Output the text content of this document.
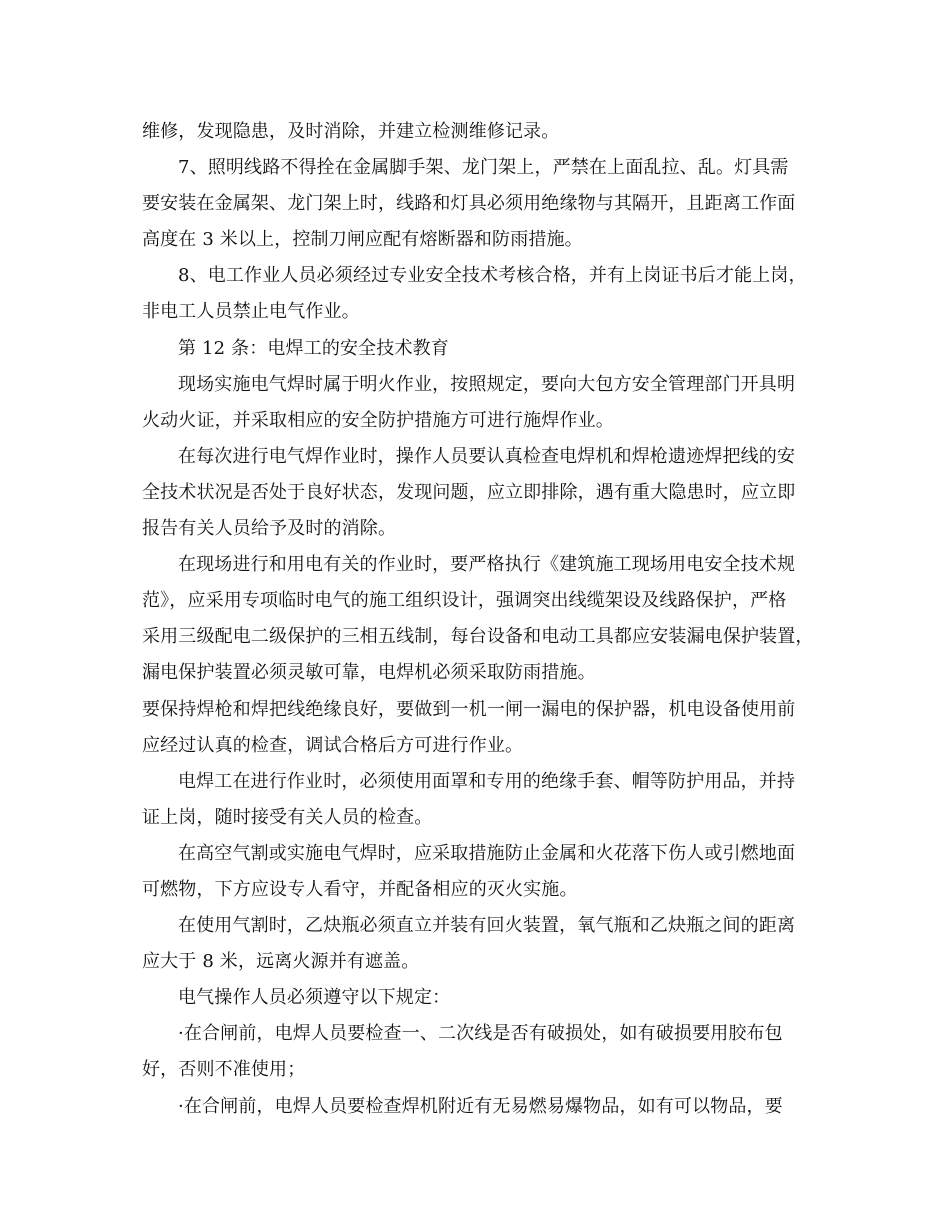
维修，发现隐患，及时消除，并建立检测维修记录。
7、照明线路不得拴在金属脚手架、龙门架上，严禁在上面乱拉、乱。灯具需
要安装在金属架、龙门架上时，线路和灯具必须用绝缘物与其隔开，且距离工作面
高度在 3 米以上，控制刀闸应配有熔断器和防雨措施。
8、电工作业人员必须经过专业安全技术考核合格，并有上岗证书后才能上岗，
非电工人员禁止电气作业。
第 12 条：电焊工的安全技术教育
现场实施电气焊时属于明火作业，按照规定，要向大包方安全管理部门开具明
火动火证，并采取相应的安全防护措施方可进行施焊作业。
在每次进行电气焊作业时，操作人员要认真检查电焊机和焊枪遗迹焊把线的安
全技术状况是否处于良好状态，发现问题，应立即排除，遇有重大隐患时，应立即
报告有关人员给予及时的消除。
在现场进行和用电有关的作业时，要严格执行《建筑施工现场用电安全技术规
范》，应采用专项临时电气的施工组织设计，强调突出线缆架设及线路保护，严格
采用三级配电二级保护的三相五线制，每台设备和电动工具都应安装漏电保护装置，
漏电保护装置必须灵敏可靠，电焊机必须采取防雨措施。
要保持焊枪和焊把线绝缘良好，要做到一机一闸一漏电的保护器，机电设备使用前
应经过认真的检查，调试合格后方可进行作业。
电焊工在进行作业时，必须使用面罩和专用的绝缘手套、帽等防护用品，并持
证上岗，随时接受有关人员的检查。
在高空气割或实施电气焊时，应采取措施防止金属和火花落下伤人或引燃地面
可燃物，下方应设专人看守，并配备相应的灭火实施。
在使用气割时，乙炔瓶必须直立并装有回火装置，氧气瓶和乙炔瓶之间的距离
应大于 8 米，远离火源并有遮盖。
电气操作人员必须遵守以下规定：
·在合闸前，电焊人员要检查一、二次线是否有破损处，如有破损要用胶布包
好，否则不准使用；
·在合闸前，电焊人员要检查焊机附近有无易燃易爆物品，如有可以物品，要
